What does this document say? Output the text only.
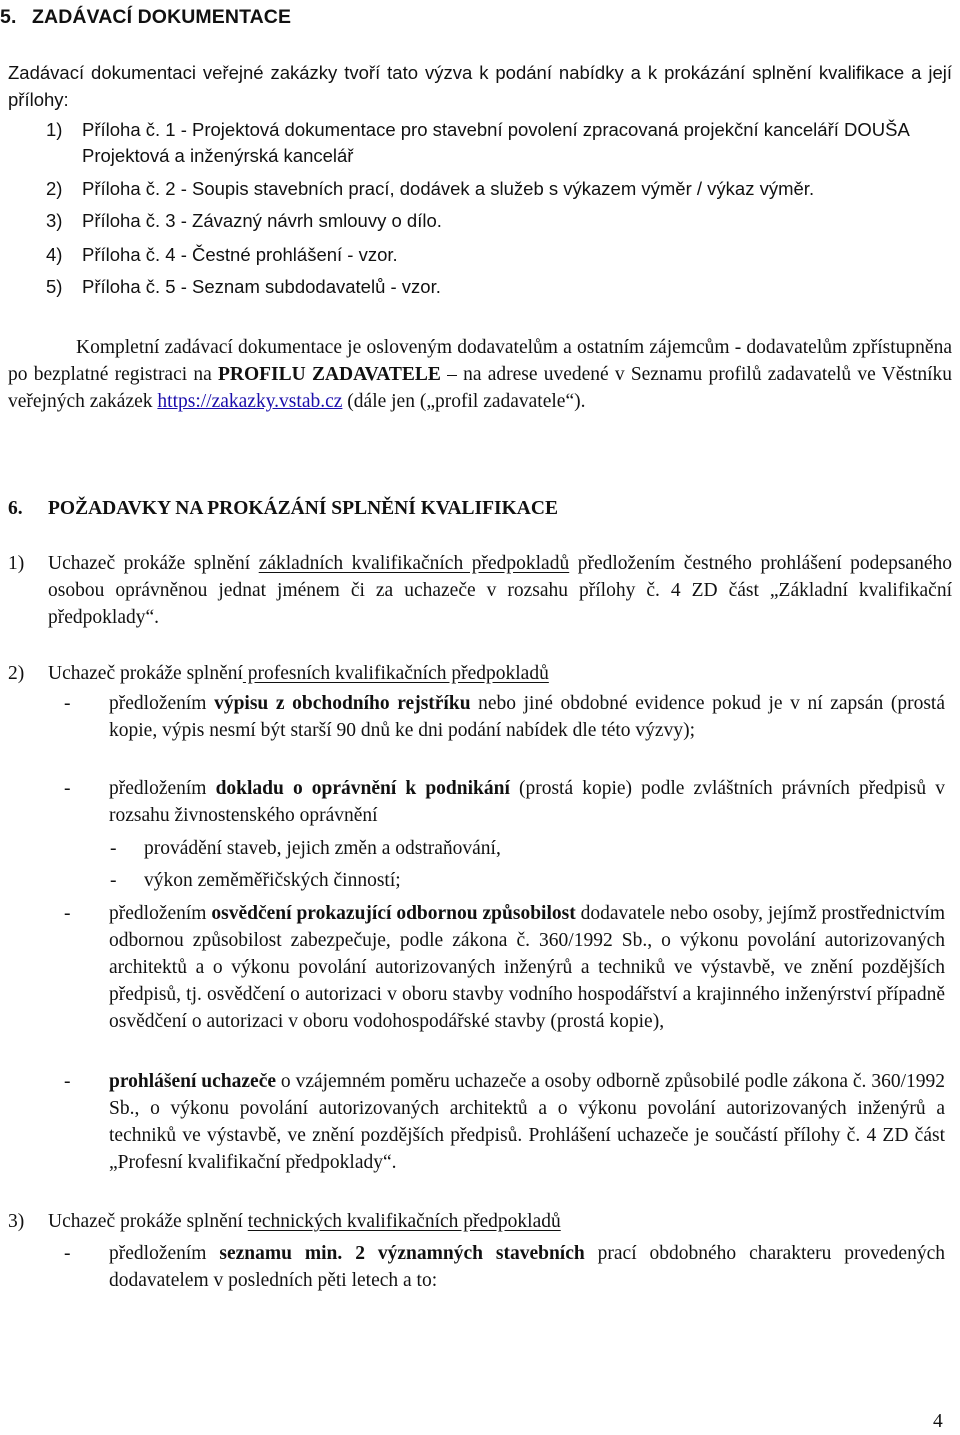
5. ZADÁVACÍ DOKUMENTACE
Zadávací dokumentaci veřejné zakázky tvoří tato výzva k podání nabídky a k prokázání splnění kvalifikace a její přílohy:
1) Příloha č. 1 - Projektová dokumentace pro stavební povolení zpracovaná projekční kanceláří DOUŠA Projektová a inženýrská kancelář
2) Příloha č. 2 - Soupis stavebních prací, dodávek a služeb s výkazem výměr / výkaz výměr.
3) Příloha č. 3 - Závazný návrh smlouvy o dílo.
4) Příloha č. 4 - Čestné prohlášení - vzor.
5) Příloha č. 5 - Seznam subdodavatelů - vzor.
Kompletní zadávací dokumentace je osloveným dodavatelům a ostatním zájemcům - dodavatelům zpřístupněna po bezplatné registraci na PROFILU ZADAVATELE – na adrese uvedené v Seznamu profilů zadavatelů ve Věstníku veřejných zakázek https://zakazky.vstab.cz (dále jen („profil zadavatele“).
6. POŽADAVKY NA PROKÁZÁNÍ SPLNĚNÍ KVALIFIKACE
1) Uchazeč prokáže splnění základních kvalifikačních předpokladů předložením čestného prohlášení podepsaného osobou oprávněnou jednat jménem či za uchazeče v rozsahu přílohy č. 4 ZD část „Základní kvalifikační předpoklady“.
2) Uchazeč prokáže splnění profesních kvalifikačních předpokladů
- předložením výpisu z obchodního rejstříku nebo jiné obdobné evidence pokud je v ní zapsán (prostá kopie, výpis nesmí být starší 90 dnů ke dni podání nabídek dle této výzvy);
- předložením dokladu o oprávnění k podnikání (prostá kopie) podle zvláštních právních předpisů v rozsahu živnostenského oprávnění
- provádění staveb, jejich změn a odstraňování,
- výkon zeměměřičských činností;
- předložením osvědčení prokazující odbornou způsobilost dodavatele nebo osoby, jejímž prostřednictvím odbornou způsobilost zabezpečuje, podle zákona č. 360/1992 Sb., o výkonu povolání autorizovaných architektů a o výkonu povolání autorizovaných inženýrů a techniků ve výstavbě, ve znění pozdějších předpisů, tj. osvědčení o autorizaci v oboru stavby vodního hospodářství a krajinného inženýrství případně osvědčení o autorizaci v oboru vodohospodářské stavby (prostá kopie),
- prohlášení uchazeče o vzájemném poměru uchazeče a osoby odborně způsobilé podle zákona č. 360/1992 Sb., o výkonu povolání autorizovaných architektů a o výkonu povolání autorizovaných inženýrů a techniků ve výstavbě, ve znění pozdějších předpisů. Prohlášení uchazeče je součástí přílohy č. 4 ZD část „Profesní kvalifikační předpoklady“.
3) Uchazeč prokáže splnění technických kvalifikačních předpokladů
- předložením seznamu min. 2 významných stavebních prací obdobného charakteru provedených dodavatelem v posledních pěti letech a to:
4
